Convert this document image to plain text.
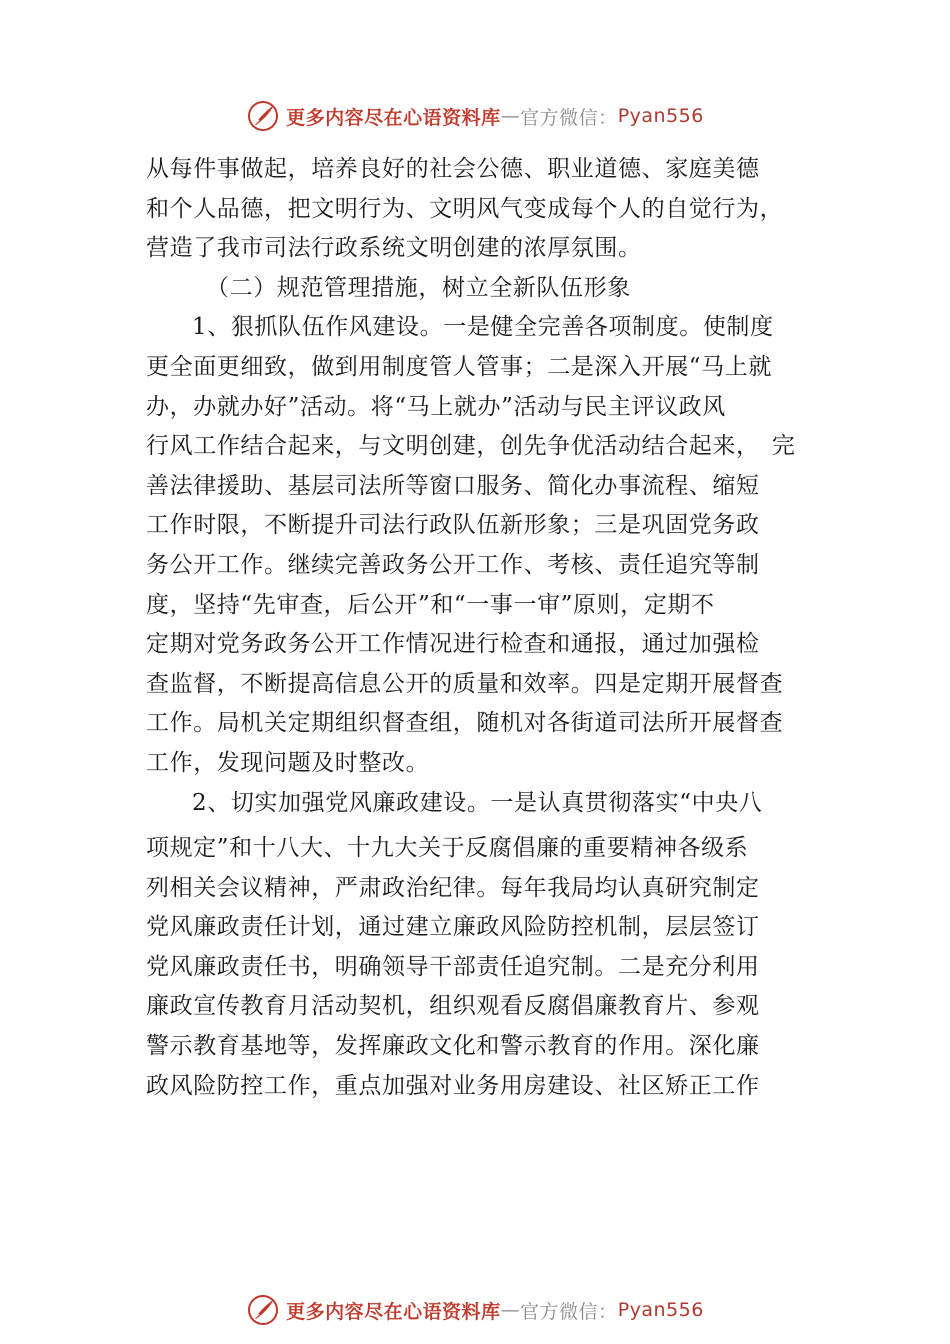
更多内容尽在心语资料库 — 官方微信： Pyan556
从每件事做起，培养良好的社会公德、职业道德、家庭美德
和个人品德，把文明行为、文明风气变成每个人的自觉行为，
营造了我市司法行政系统文明创建的浓厚氛围。
（二）规范管理措施，树立全新队伍形象
1、狠抓队伍作风建设。一是健全完善各项制度。使制度
更全面更细致，做到用制度管人管事；二是深入开展“马上就
办，办就办好”活动。将“马上就办”活动与民主评议政风
行风工作结合起来，与文明创建，创先争优活动结合起来，　完
善法律援助、基层司法所等窗口服务、简化办事流程、缩短
工作时限，不断提升司法行政队伍新形象；三是巩固党务政
务公开工作。继续完善政务公开工作、考核、责任追究等制
度，坚持“先审查，后公开”和“一事一审”原则，定期不
定期对党务政务公开工作情况进行检查和通报，通过加强检
查监督，不断提高信息公开的质量和效率。四是定期开展督查
工作。局机关定期组织督查组，随机对各街道司法所开展督查
工作，发现问题及时整改。
2、切实加强党风廉政建设。一是认真贯彻落实“中央八
项规定”和十八大、十九大关于反腐倡廉的重要精神各级系
列相关会议精神，严肃政治纪律。每年我局均认真研究制定
党风廉政责任计划，通过建立廉政风险防控机制，层层签订
党风廉政责任书，明确领导干部责任追究制。二是充分利用
廉政宣传教育月活动契机，组织观看反腐倡廉教育片、参观
警示教育基地等，发挥廉政文化和警示教育的作用。深化廉
政风险防控工作，重点加强对业务用房建设、社区矫正工作
更多内容尽在心语资料库 — 官方微信： Pyan556
